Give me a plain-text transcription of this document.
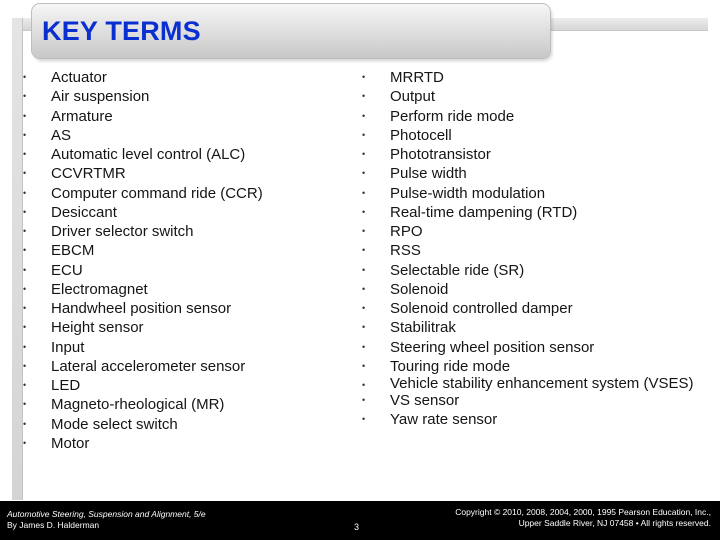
KEY TERMS
• Actuator
• Air suspension
• Armature
• AS
• Automatic level control (ALC)
• CCVRTMR
• Computer command ride (CCR)
• Desiccant
• Driver selector switch
• EBCM
• ECU
• Electromagnet
• Handwheel position sensor
• Height sensor
• Input
• Lateral accelerometer sensor
• LED
• Magneto-rheological (MR)
• Mode select switch
• Motor
• MRRTD
• Output
• Perform ride mode
• Photocell
• Phototransistor
• Pulse width
• Pulse-width modulation
• Real-time dampening (RTD)
• RPO
• RSS
• Selectable ride (SR)
• Solenoid
• Solenoid controlled damper
• Stabilitrak
• Steering wheel position sensor
• Touring ride mode
• Vehicle stability enhancement system (VSES)
• VS sensor
• Yaw rate sensor
Automotive Steering, Suspension and Alignment, 5/e
By James D. Halderman	3
Copyright © 2010, 2008, 2004, 2000, 1995 Pearson Education, Inc.,
Upper Saddle River, NJ 07458 • All rights reserved.
